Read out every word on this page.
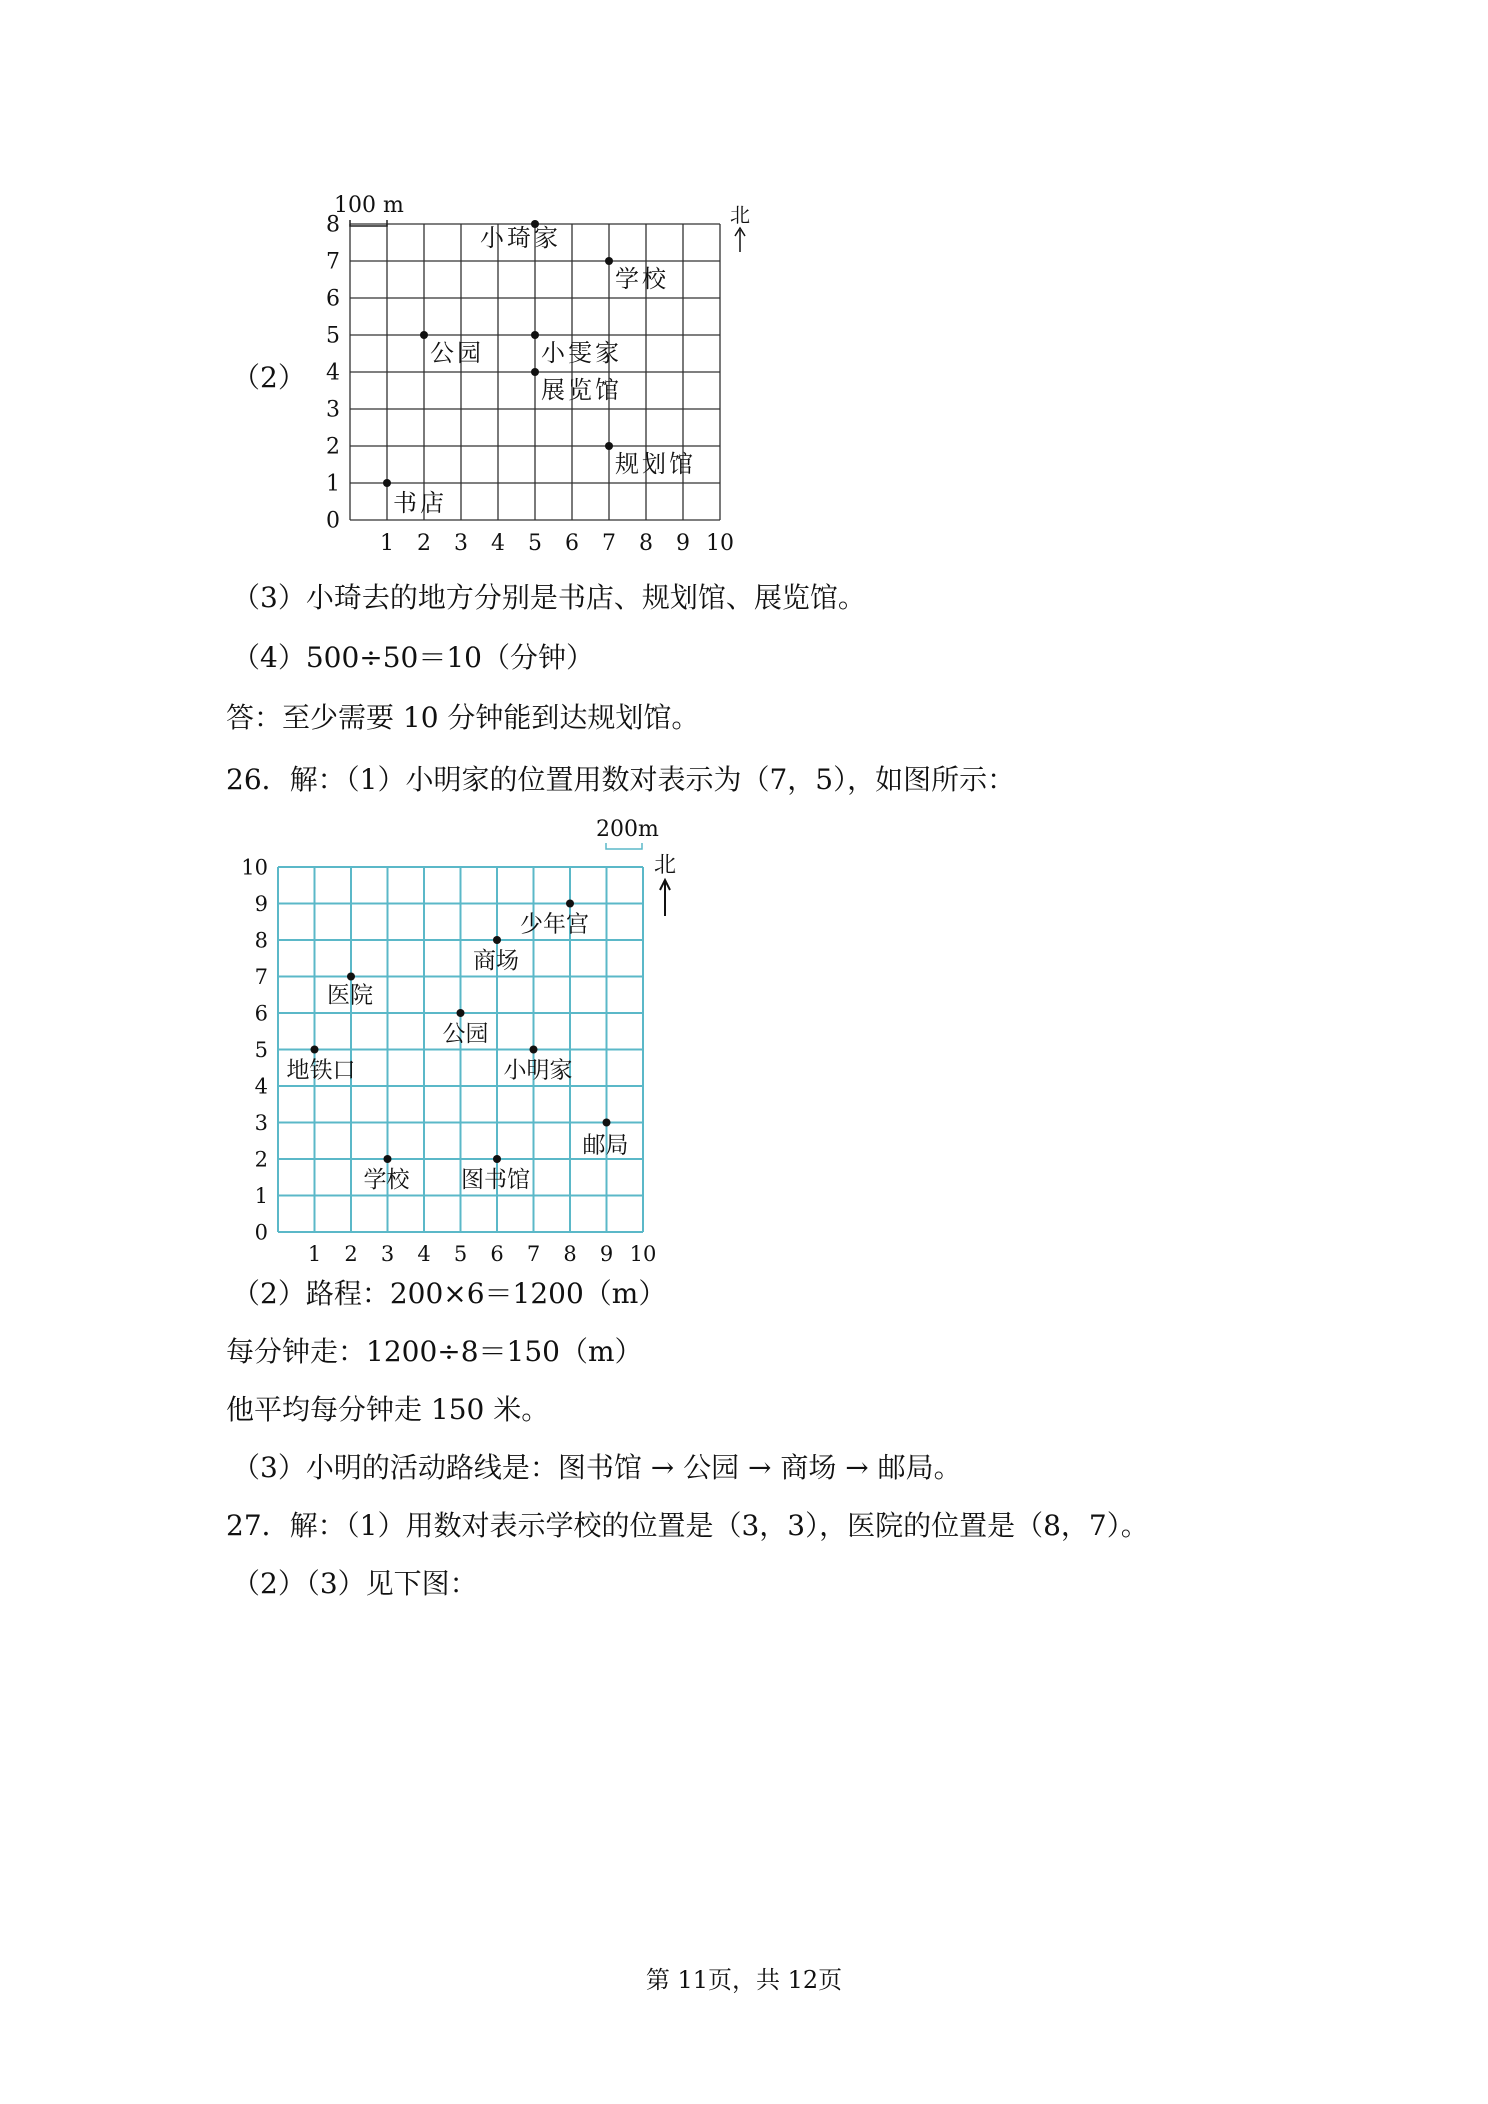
（2）
0
1
2
3
4
5
6
7
8
1 2 3 4 5 6 7 8 9 10
小琦家
学校
公园 小雯家
展览馆
规划馆
书店
100 m	北
（3）小琦去的地方分别是书店、规划馆、展览馆。
（4）500÷50＝10（分钟）
答：至少需要 10 分钟能到达规划馆。
26．解：（1）小明家的位置用数对表示为（7，5），如图所示：
0
1
2
3
4
5
6
7
8
9
10
1 2 3 4 5 6 7 8 9 10
少年宫
商场
医院
公园
地铁口	小明家
邮局
学校 图书馆
200m
北
（2）路程：200×6＝1200（m）
每分钟走：1200÷8＝150（m）
他平均每分钟走 150 米。
（3）小明的活动路线是：图书馆 → 公园 → 商场 → 邮局。
27．解：（1）用数对表示学校的位置是（3，3），医院的位置是（8，7）。
（2）（3）见下图：
第 11页，共 12页
